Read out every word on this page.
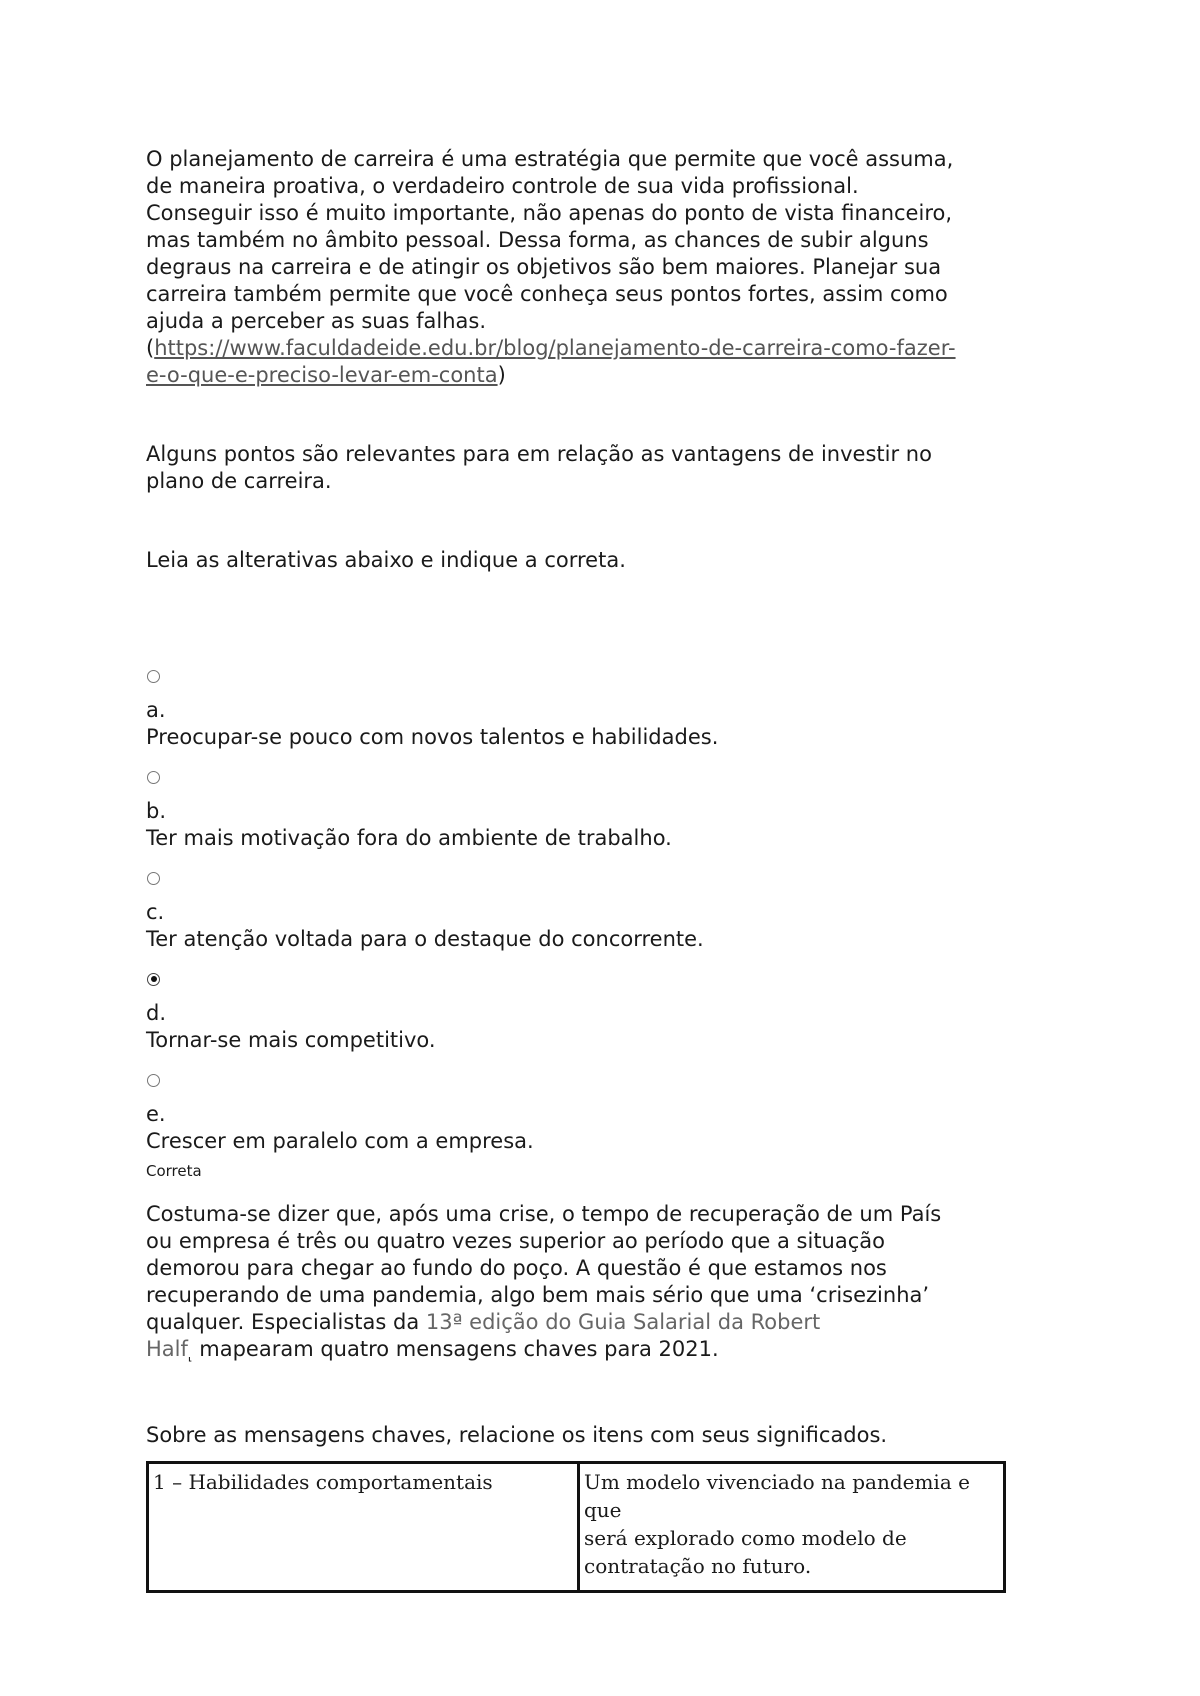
O planejamento de carreira é uma estratégia que permite que você assuma,

de maneira proativa, o verdadeiro controle de sua vida profissional.

Conseguir isso é muito importante, não apenas do ponto de vista financeiro,

mas também no âmbito pessoal. Dessa forma, as chances de subir alguns

degraus na carreira e de atingir os objetivos são bem maiores. Planejar sua

carreira também permite que você conheça seus pontos fortes, assim como

ajuda a perceber as suas falhas.

(https://www.faculdadeide.edu.br/blog/planejamento-de-carreira-como-fazer-

e-o-que-e-preciso-levar-em-conta)

Alguns pontos são relevantes para em relação as vantagens de investir no

plano de carreira.

Leia as alterativas abaixo e indique a correta.

a.

Preocupar-se pouco com novos talentos e habilidades.

b.

Ter mais motivação fora do ambiente de trabalho.

c.

Ter atenção voltada para o destaque do concorrente.

d.

Tornar-se mais competitivo.

e.

Crescer em paralelo com a empresa.

Correta

Costuma-se dizer que, após uma crise, o tempo de recuperação de um País

ou empresa é três ou quatro vezes superior ao período que a situação

demorou para chegar ao fundo do poço. A questão é que estamos nos

recuperando de uma pandemia, algo bem mais sério que uma ‘crisezinha’

qualquer. Especialistas da 13ª edição do Guia Salarial da Robert

Half⸤ mapearam quatro mensagens chaves para 2021.

Sobre as mensagens chaves, relacione os itens com seus significados.

1 – Habilidades comportamentais	Um modelo vivenciado na pandemia e que
será explorado como modelo de
contratação no futuro.
